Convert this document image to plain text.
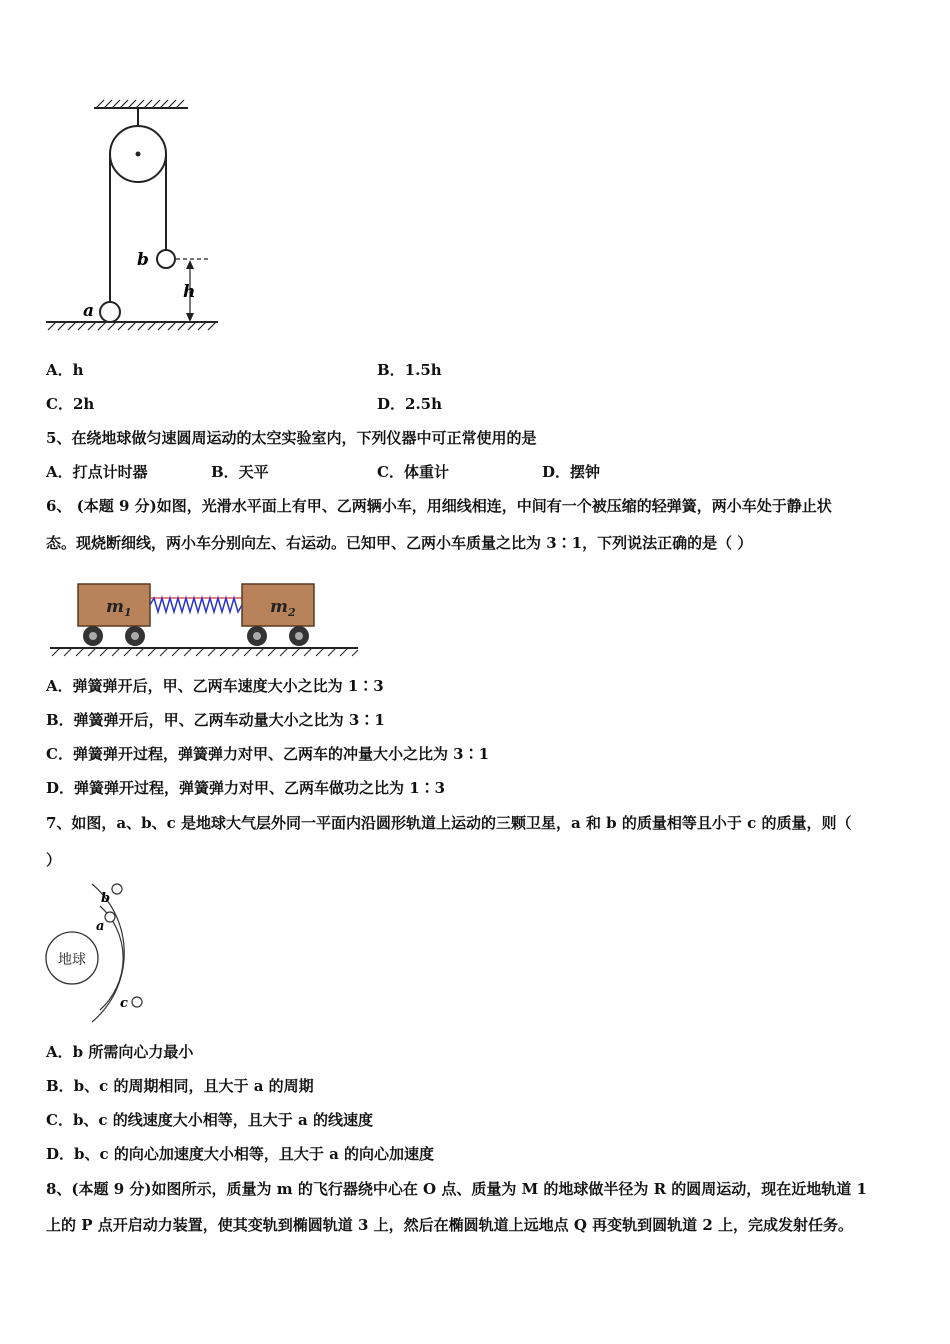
b
a
h
A．h	B．1.5h
C．2h	D．2.5h
5、在绕地球做匀速圆周运动的太空实验室内，下列仪器中可正常使用的是
A．打点计时器	B．天平	C．体重计	D．摆钟
6、 (本题 9 分)如图，光滑水平面上有甲、乙两辆小车，用细线相连，中间有一个被压缩的轻弹簧，两小车处于静止状
态。现烧断细线，两小车分别向左、右运动。已知甲、乙两小车质量之比为 3∶1，下列说法正确的是（ ）
$m_1$	$m_2$
A．弹簧弹开后，甲、乙两车速度大小之比为 1∶3
B．弹簧弹开后，甲、乙两车动量大小之比为 3∶1
C．弹簧弹开过程，弹簧弹力对甲、乙两车的冲量大小之比为 3∶1
D．弹簧弹开过程，弹簧弹力对甲、乙两车做功之比为 1∶3
7、如图，a、b、c 是地球大气层外同一平面内沿圆形轨道上运动的三颗卫星，a 和 b 的质量相等且小于 c 的质量，则（
）
地球
a
b
c
A．b 所需向心力最小
B．b、c 的周期相同，且大于 a 的周期
C．b、c 的线速度大小相等，且大于 a 的线速度
D．b、c 的向心加速度大小相等，且大于 a 的向心加速度
8、(本题 9 分)如图所示，质量为 m 的飞行器绕中心在 O 点、质量为 M 的地球做半径为 R 的圆周运动，现在近地轨道 1
上的 P 点开启动力装置，使其变轨到椭圆轨道 3 上，然后在椭圆轨道上远地点 Q 再变轨到圆轨道 2 上，完成发射任务。
